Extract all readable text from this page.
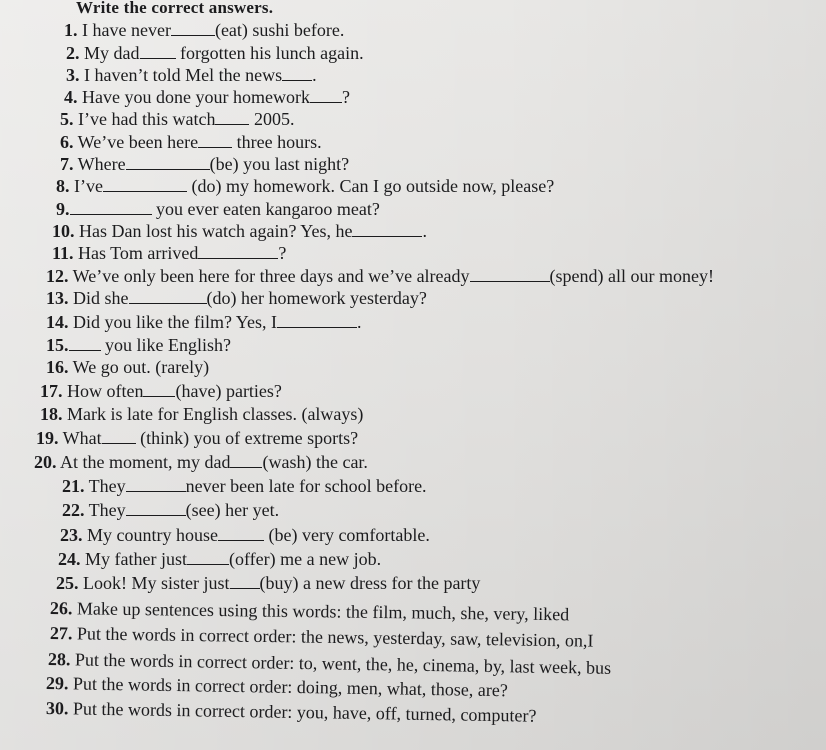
Write the correct answers.
1. I have never (eat) sushi before.
2. My dad forgotten his lunch again.
3. I haven’t told Mel the news .
4. Have you done your homework ?
5. I’ve had this watch 2005.
6. We’ve been here three hours.
7. Where	(be) you last night?
8. I’ve	(do) my homework. Can I go outside now, please?
9.	you ever eaten kangaroo meat?
10. Has Dan lost his watch again? Yes, he	.
11. Has Tom arrived	?
12. We’ve only been here for three days and we’ve already	(spend) all our money!
13. Did she	(do) her homework yesterday?
14. Did you like the film? Yes, I	.
15. you like English?
16. We go out. (rarely)
17. How often (have) parties?
18. Mark is late for English classes. (always)
19. What (think) you of extreme sports?
20. At the moment, my dad (wash) the car.
21. They	never been late for school before.
22. They	(see) her yet.
23. My country house	(be) very comfortable.
24. My father just (offer) me a new job.
25. Look! My sister just (buy) a new dress for the party
26. Make up sentences using this words: the film, much, she, very, liked
27. Put the words in correct order: the news, yesterday, saw, television, on,I
28. Put the words in correct order: to, went, the, he, cinema, by, last week, bus
29. Put the words in correct order: doing, men, what, those, are?
30. Put the words in correct order: you, have, off, turned, computer?
